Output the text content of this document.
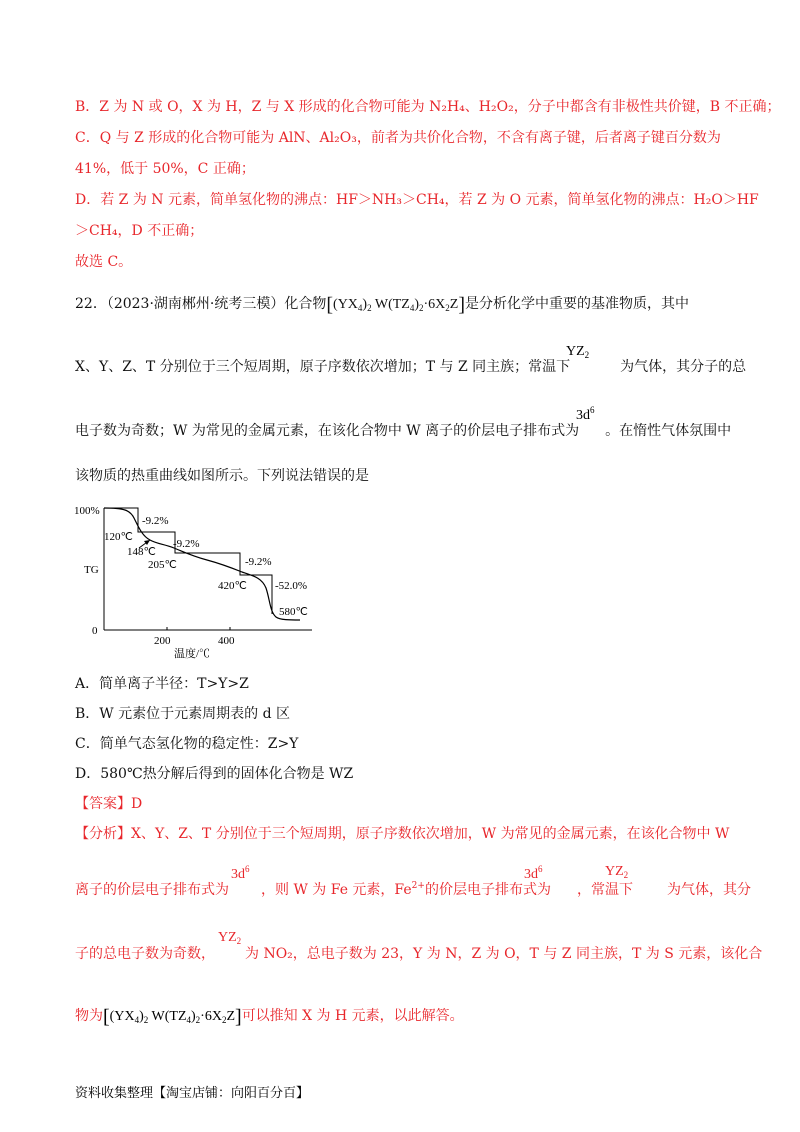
B．Z 为 N 或 O，X 为 H，Z 与 X 形成的化合物可能为 N₂H₄、H₂O₂，分子中都含有非极性共价键，B 不正确；
C．Q 与 Z 形成的化合物可能为 AlN、Al₂O₃，前者为共价化合物，不含有离子键，后者离子键百分数为
41%，低于 50%，C 正确；
D．若 Z 为 N 元素，简单氢化物的沸点：HF＞NH₃＞CH₄，若 Z 为 O 元素，简单氢化物的沸点：H₂O＞HF
＞CH₄，D 不正确；
故选 C。
22．（2023·湖南郴州·统考三模）化合物[$(YX_4)_2$ $W(TZ_4)_2\cdot 6X_2Z$]是分析化学中重要的基准物质，其中
X、Y、Z、T 分别位于三个短周期，原子序数依次增加；T 与 Z 同主族；常温下	为气体，其分子的总
$YZ_2$
电子数为奇数；W 为常见的金属元素，在该化合物中 W 离子的价层电子排布式为 。在惰性气体氛围中
$3d^6$
该物质的热重曲线如图所示。下列说法错误的是
100%
0
TG
200	400
温度/℃
-9.2%
-9.2%
-9.2%
-52.0%
120℃
148℃
205℃
420℃
580℃
A．简单离子半径：T>Y>Z
B．W 元素位于元素周期表的 d 区
C．简单气态氢化物的稳定性：Z>Y
D．580℃热分解后得到的固体化合物是 WZ
【答案】D
【分析】X、Y、Z、T 分别位于三个短周期，原子序数依次增加，W 为常见的金属元素，在该化合物中 W
离子的价层电子排布式为 ，则 W 为 Fe 元素，$Fe^{2+}$的价层电子排布式为 ，常温下 为气体，其分
$3d^6$	$3d^6$	$YZ_2$
子的总电子数为奇数， 为 NO₂，总电子数为 23，Y 为 N，Z 为 O，T 与 Z 同主族，T 为 S 元素，该化合
$YZ_2$
物为[$(YX_4)_2$ $W(TZ_4)_2\cdot 6X_2Z$]可以推知 X 为 H 元素，以此解答。
资料收集整理【淘宝店铺：向阳百分百】
